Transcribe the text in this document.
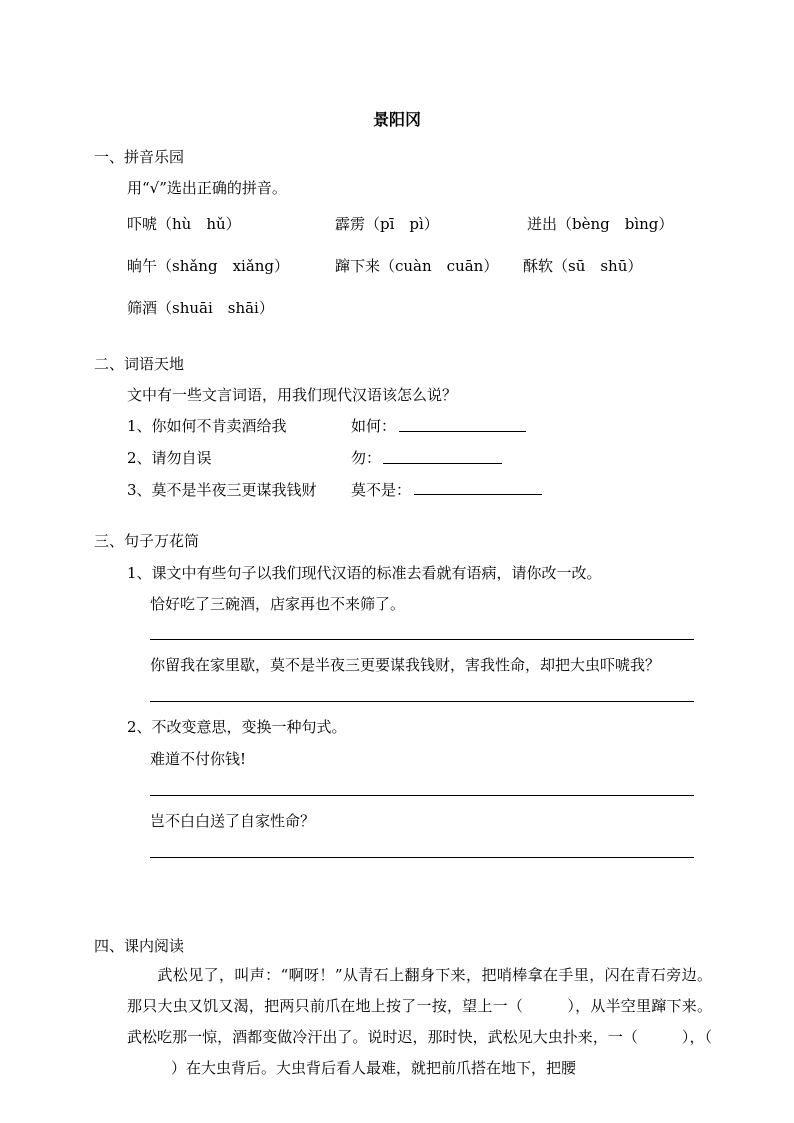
景阳冈
一、拼音乐园
用“√”选出正确的拼音。
吓唬（hù　hǔ）	霹雳（pī　pì）	迸出（bèng　bìng）
晌午（shǎng　xiǎng）	蹿下来（cuàn　cuān） 酥软（sū　shū）
筛酒（shuāi　shāi）
二、词语天地
文中有一些文言词语，用我们现代汉语该怎么说？
1、你如何不肯卖酒给我	如何：
2、请勿自误	勿：
3、莫不是半夜三更谋我钱财 莫不是：
三、句子万花筒
1、课文中有些句子以我们现代汉语的标准去看就有语病，请你改一改。
恰好吃了三碗酒，店家再也不来筛了。
你留我在家里歇，莫不是半夜三更要谋我钱财，害我性命，却把大虫吓唬我？
2、不改变意思，变换一种句式。
难道不付你钱!
岂不白白送了自家性命？
四、课内阅读
武松见了，叫声：“啊呀！”从青石上翻身下来，把哨棒拿在手里，闪在青石旁边。那只大虫又饥又渴，把两只前爪在地上按了一按，望上一（	），从半空里蹿下来。武松吃那一惊，酒都变做冷汗出了。说时迟，那时快，武松见大虫扑来，一（	），（）在大虫背后。大虫背后看人最难，就把前爪搭在地下，把腰
